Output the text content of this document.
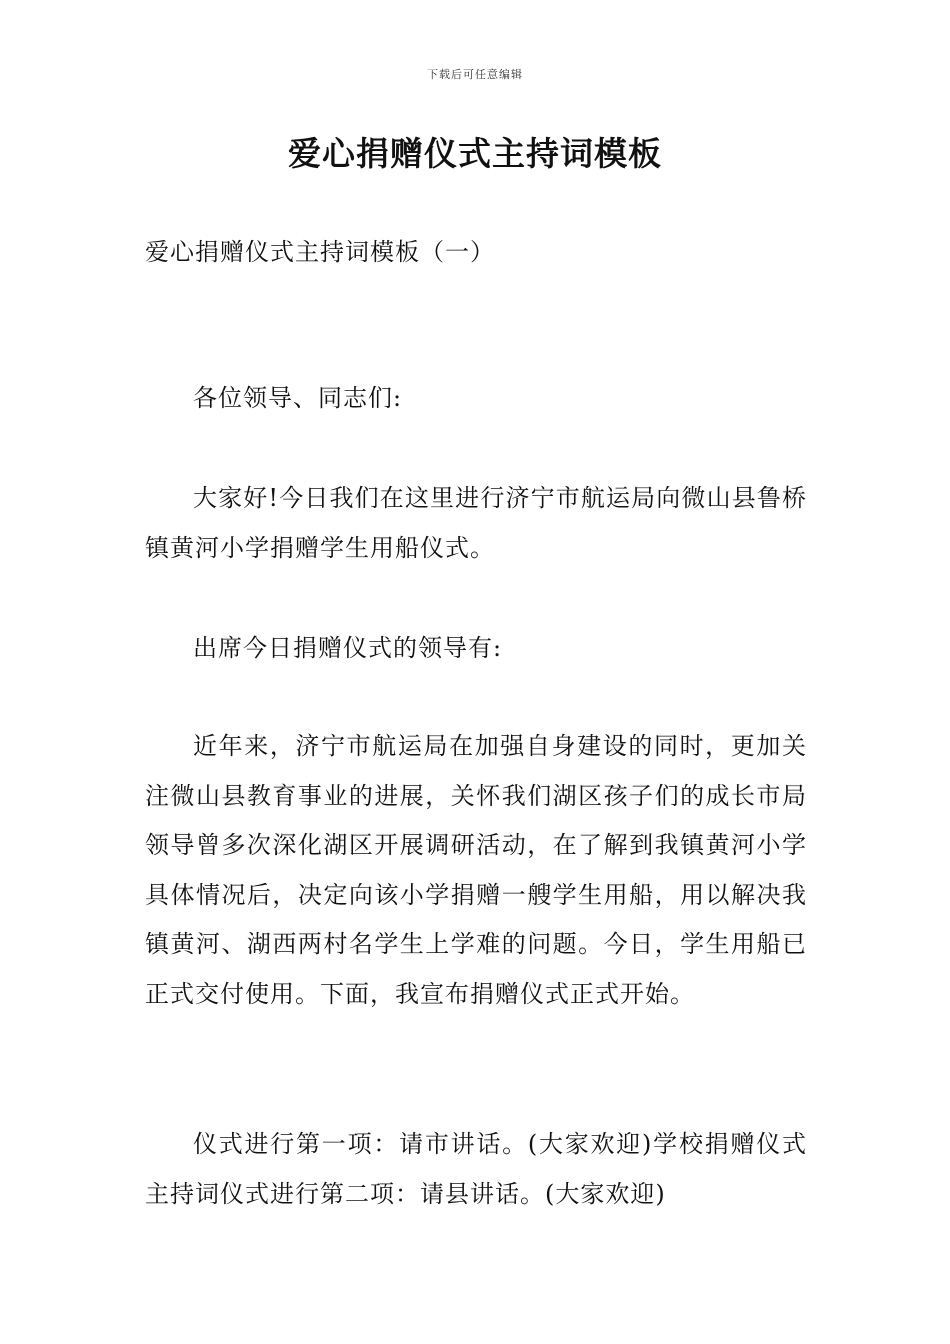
下载后可任意编辑
爱心捐赠仪式主持词模板
爱心捐赠仪式主持词模板（一）

各位领导、同志们:

大家好!今日我们在这里进行济宁市航运局向微山县鲁桥镇黄河小学捐赠学生用船仪式。

出席今日捐赠仪式的领导有:

近年来，济宁市航运局在加强自身建设的同时，更加关注微山县教育事业的进展，关怀我们湖区孩子们的成长市局领导曾多次深化湖区开展调研活动，在了解到我镇黄河小学具体情况后，决定向该小学捐赠一艘学生用船，用以解决我镇黄河、湖西两村名学生上学难的问题。今日，学生用船已正式交付使用。下面，我宣布捐赠仪式正式开始。

仪式进行第一项：请市讲话。(大家欢迎)学校捐赠仪式主持词仪式进行第二项：请县讲话。(大家欢迎)
